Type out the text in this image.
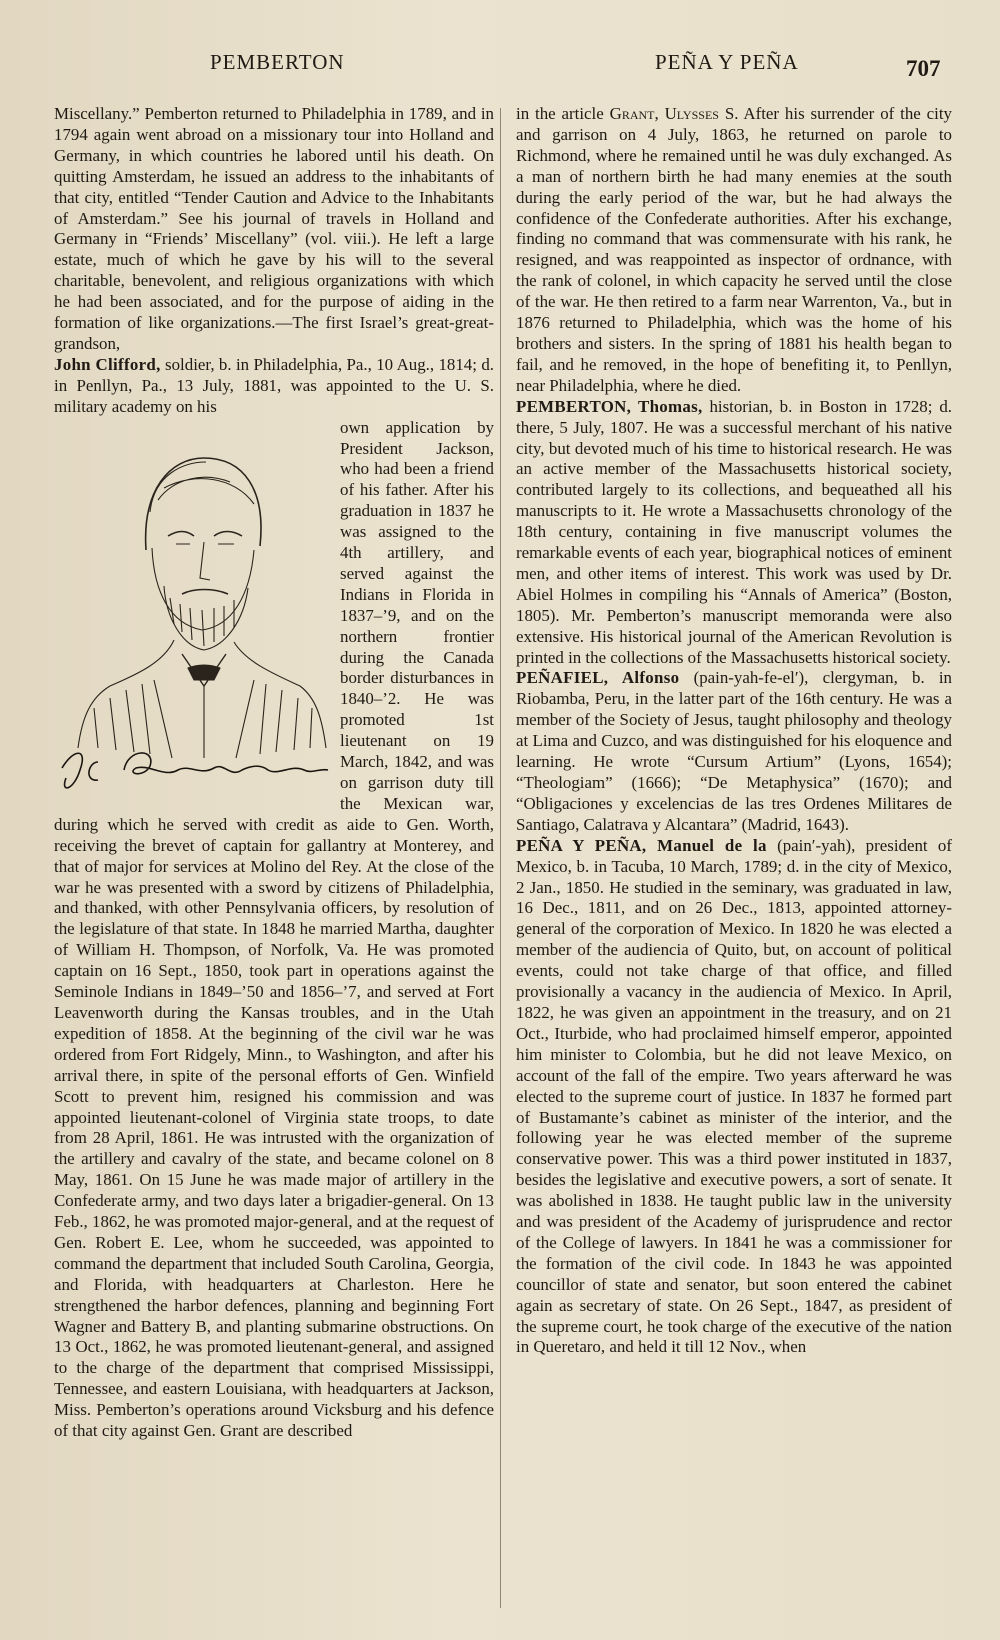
PEMBERTON	PEÑA Y PEÑA	707

Miscellany.” Pemberton returned to Philadelphia in 1789, and in 1794 again went abroad on a missionary tour into Holland and Germany, in which countries he labored until his death. On quitting Amsterdam, he issued an address to the inhabitants of that city, entitled “Tender Caution and Advice to the Inhabitants of Amsterdam.” See his journal of travels in Holland and Germany in “Friends’ Miscellany” (vol. viii.). He left a large estate, much of which he gave by his will to the several charitable, benevolent, and religious organizations with which he had been associated, and for the purpose of aiding in the formation of like organizations.—The first Israel’s great-great-grandson,

John Clifford, soldier, b. in Philadelphia, Pa., 10 Aug., 1814; d. in Penllyn, Pa., 13 July, 1881, was appointed to the U. S. military academy on his

own application by President Jackson, who had been a friend of his father. After his graduation in 1837 he was assigned to the 4th artillery, and served against the Indians in Florida in 1837–’9, and on the northern frontier during the Canada border disturbances in 1840–’2. He was promoted 1st lieutenant on 19 March, 1842, and was on garrison duty till the Mexican war, during which he served with credit as aide to Gen. Worth, receiving the brevet of captain for gallantry at Monterey, and that of major for services at Molino del Rey. At the close of the war he was presented with a sword by citizens of Philadelphia, and thanked, with other Pennsylvania officers, by resolution of the legislature of that state. In 1848 he married Martha, daughter of William H. Thompson, of Norfolk, Va. He was promoted captain on 16 Sept., 1850, took part in operations against the Seminole Indians in 1849–’50 and 1856–’7, and served at Fort Leavenworth during the Kansas troubles, and in the Utah expedition of 1858. At the beginning of the civil war he was ordered from Fort Ridgely, Minn., to Washington, and after his arrival there, in spite of the personal efforts of Gen. Winfield Scott to prevent him, resigned his commission and was appointed lieutenant-colonel of Virginia state troops, to date from 28 April, 1861. He was intrusted with the organization of the artillery and cavalry of the state, and became colonel on 8 May, 1861. On 15 June he was made major of artillery in the Confederate army, and two days later a brigadier-general. On 13 Feb., 1862, he was promoted major-general, and at the request of Gen. Robert E. Lee, whom he succeeded, was appointed to command the department that included South Carolina, Georgia, and Florida, with headquarters at Charleston. Here he strengthened the harbor defences, planning and beginning Fort Wagner and Battery B, and planting submarine obstructions. On 13 Oct., 1862, he was promoted lieutenant-general, and assigned to the charge of the department that comprised Mississippi, Tennessee, and eastern Louisiana, with headquarters at Jackson, Miss. Pemberton’s operations around Vicksburg and his defence of that city against Gen. Grant are described

in the article Grant, Ulysses S. After his surrender of the city and garrison on 4 July, 1863, he returned on parole to Richmond, where he remained until he was duly exchanged. As a man of northern birth he had many enemies at the south during the early period of the war, but he had always the confidence of the Confederate authorities. After his exchange, finding no command that was commensurate with his rank, he resigned, and was reappointed as inspector of ordnance, with the rank of colonel, in which capacity he served until the close of the war. He then retired to a farm near Warrenton, Va., but in 1876 returned to Philadelphia, which was the home of his brothers and sisters. In the spring of 1881 his health began to fail, and he removed, in the hope of benefiting it, to Penllyn, near Philadelphia, where he died.

PEMBERTON, Thomas, historian, b. in Boston in 1728; d. there, 5 July, 1807. He was a successful merchant of his native city, but devoted much of his time to historical research. He was an active member of the Massachusetts historical society, contributed largely to its collections, and bequeathed all his manuscripts to it. He wrote a Massachusetts chronology of the 18th century, containing in five manuscript volumes the remarkable events of each year, biographical notices of eminent men, and other items of interest. This work was used by Dr. Abiel Holmes in compiling his “Annals of America” (Boston, 1805). Mr. Pemberton’s manuscript memoranda were also extensive. His historical journal of the American Revolution is printed in the collections of the Massachusetts historical society.

PEÑAFIEL, Alfonso (pain-yah-fe-el′), clergyman, b. in Riobamba, Peru, in the latter part of the 16th century. He was a member of the Society of Jesus, taught philosophy and theology at Lima and Cuzco, and was distinguished for his eloquence and learning. He wrote “Cursum Artium” (Lyons, 1654); “Theologiam” (1666); “De Metaphysica” (1670); and “Obligaciones y excelencias de las tres Ordenes Militares de Santiago, Calatrava y Alcantara” (Madrid, 1643).

PEÑA Y PEÑA, Manuel de la (pain′-yah), president of Mexico, b. in Tacuba, 10 March, 1789; d. in the city of Mexico, 2 Jan., 1850. He studied in the seminary, was graduated in law, 16 Dec., 1811, and on 26 Dec., 1813, appointed attorney-general of the corporation of Mexico. In 1820 he was elected a member of the audiencia of Quito, but, on account of political events, could not take charge of that office, and filled provisionally a vacancy in the audiencia of Mexico. In April, 1822, he was given an appointment in the treasury, and on 21 Oct., Iturbide, who had proclaimed himself emperor, appointed him minister to Colombia, but he did not leave Mexico, on account of the fall of the empire. Two years afterward he was elected to the supreme court of justice. In 1837 he formed part of Bustamante’s cabinet as minister of the interior, and the following year he was elected member of the supreme conservative power. This was a third power instituted in 1837, besides the legislative and executive powers, a sort of senate. It was abolished in 1838. He taught public law in the university and was president of the Academy of jurisprudence and rector of the College of lawyers. In 1841 he was a commissioner for the formation of the civil code. In 1843 he was appointed councillor of state and senator, but soon entered the cabinet again as secretary of state. On 26 Sept., 1847, as president of the supreme court, he took charge of the executive of the nation in Queretaro, and held it till 12 Nov., when
